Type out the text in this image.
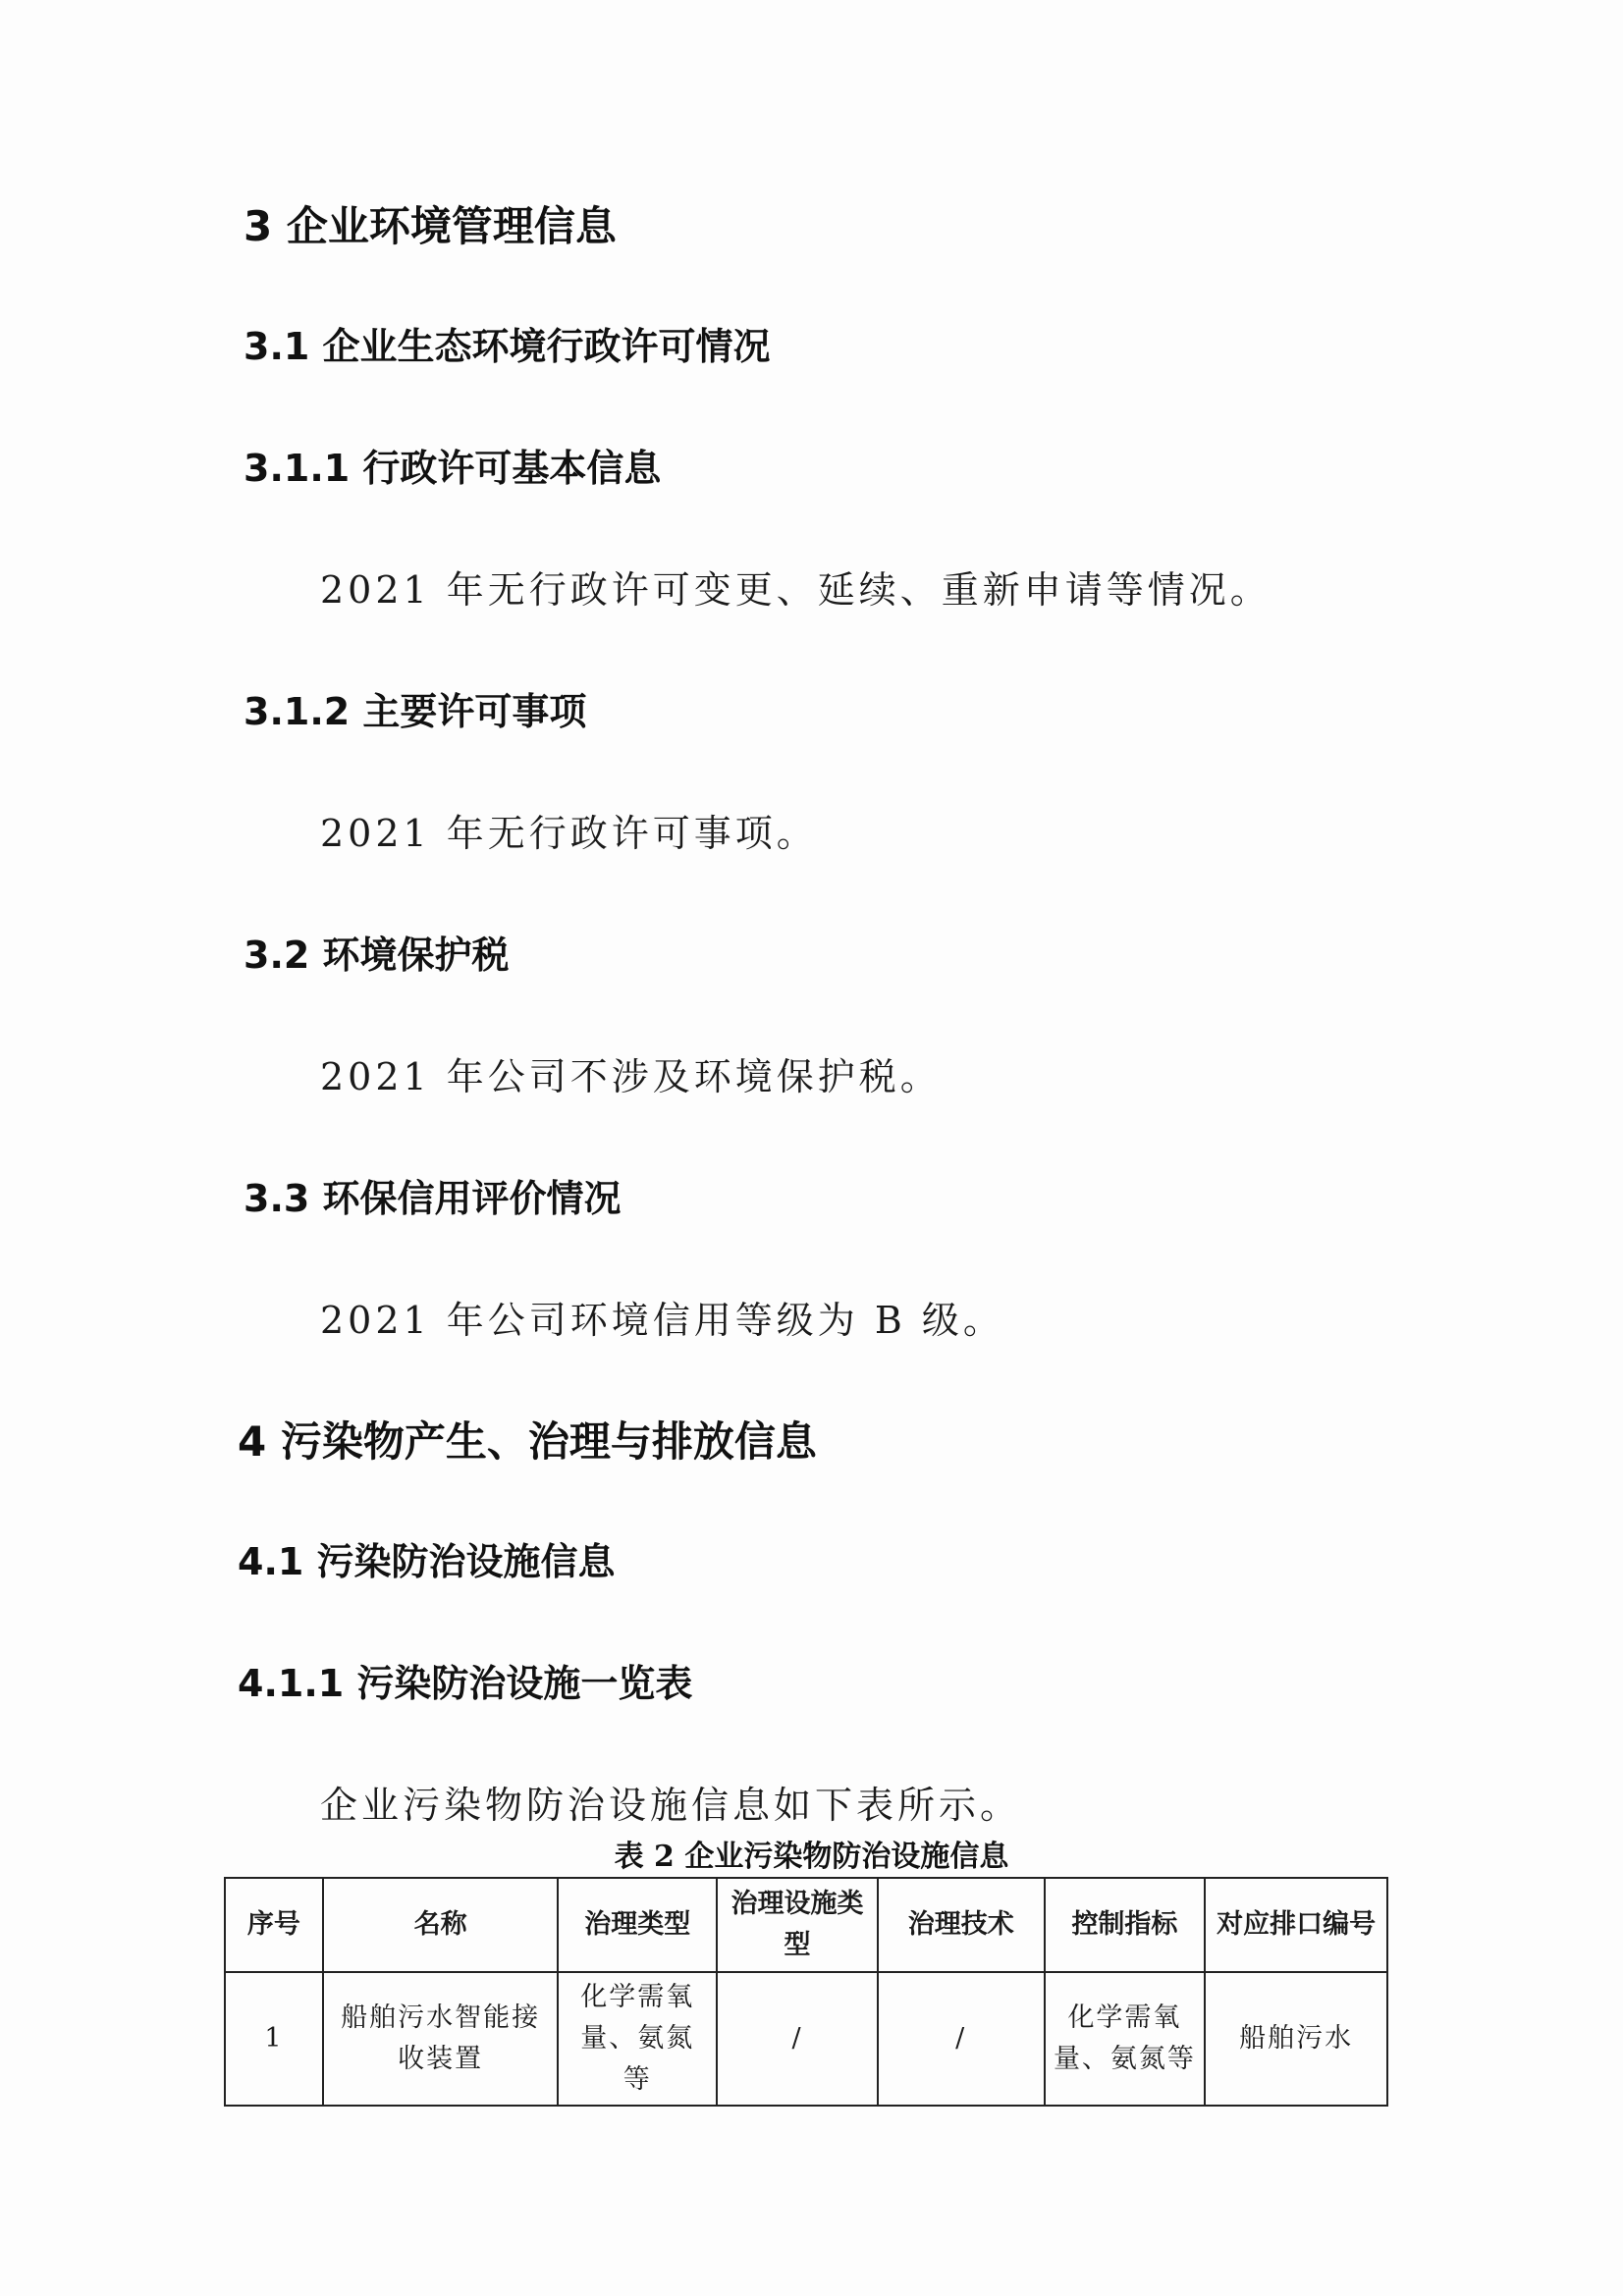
3 企业环境管理信息
3.1 企业生态环境行政许可情况
3.1.1 行政许可基本信息
2021 年无行政许可变更、延续、重新申请等情况。
3.1.2 主要许可事项
2021 年无行政许可事项。
3.2 环境保护税
2021 年公司不涉及环境保护税。
3.3 环保信用评价情况
2021 年公司环境信用等级为 B 级。
4 污染物产生、治理与排放信息
4.1 污染防治设施信息
4.1.1 污染防治设施一览表
企业污染物防治设施信息如下表所示。
表 2 企业污染物防治设施信息
序号	名称	治理类型	治理设施类型	治理技术	控制指标	对应排口编号
1	船舶污水智能接收装置	化学需氧量、氨氮等	/	/	化学需氧量、氨氮等	船舶污水
